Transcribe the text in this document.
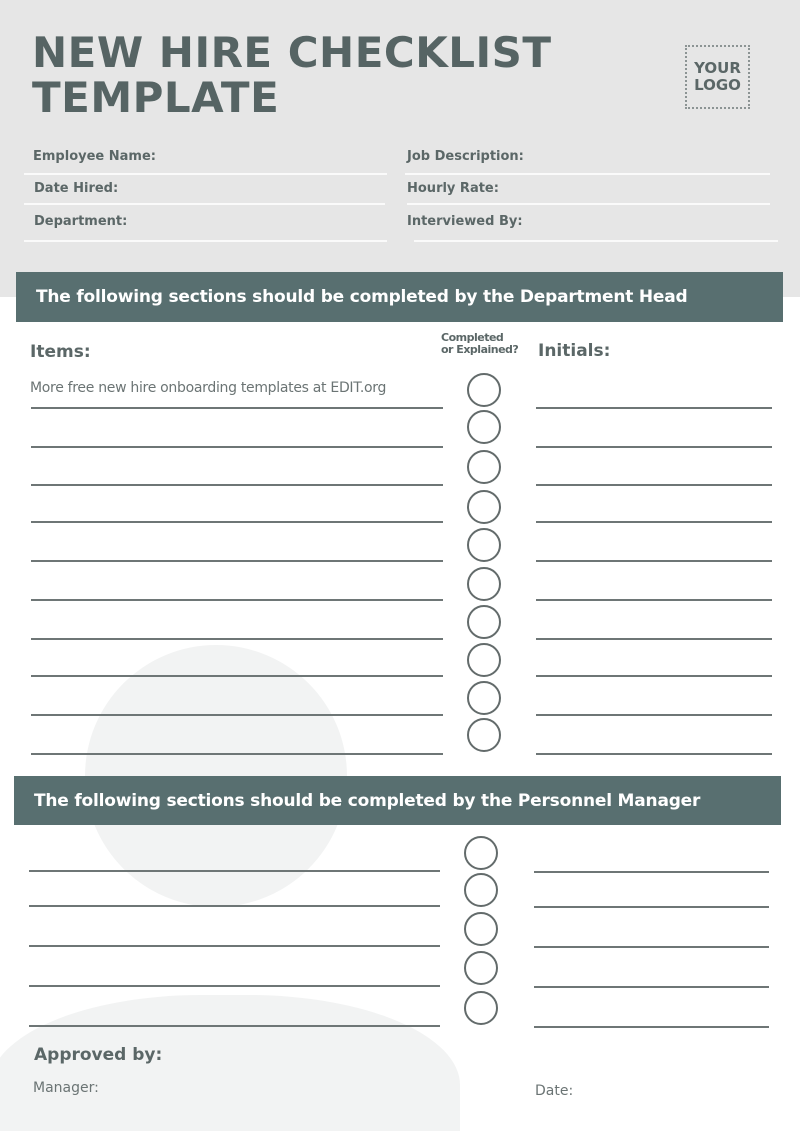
NEW HIRE CHECKLIST
TEMPLATE
YOUR
LOGO
Employee Name:
Date Hired:
Department:
Job Description:
Hourly Rate:
Interviewed By:
The following sections should be completed by the Department Head
Items:
Completed
or Explained? Initials:
More free new hire onboarding templates at EDIT.org
The following sections should be completed by the Personnel Manager
Approved by:
Manager:	Date:
